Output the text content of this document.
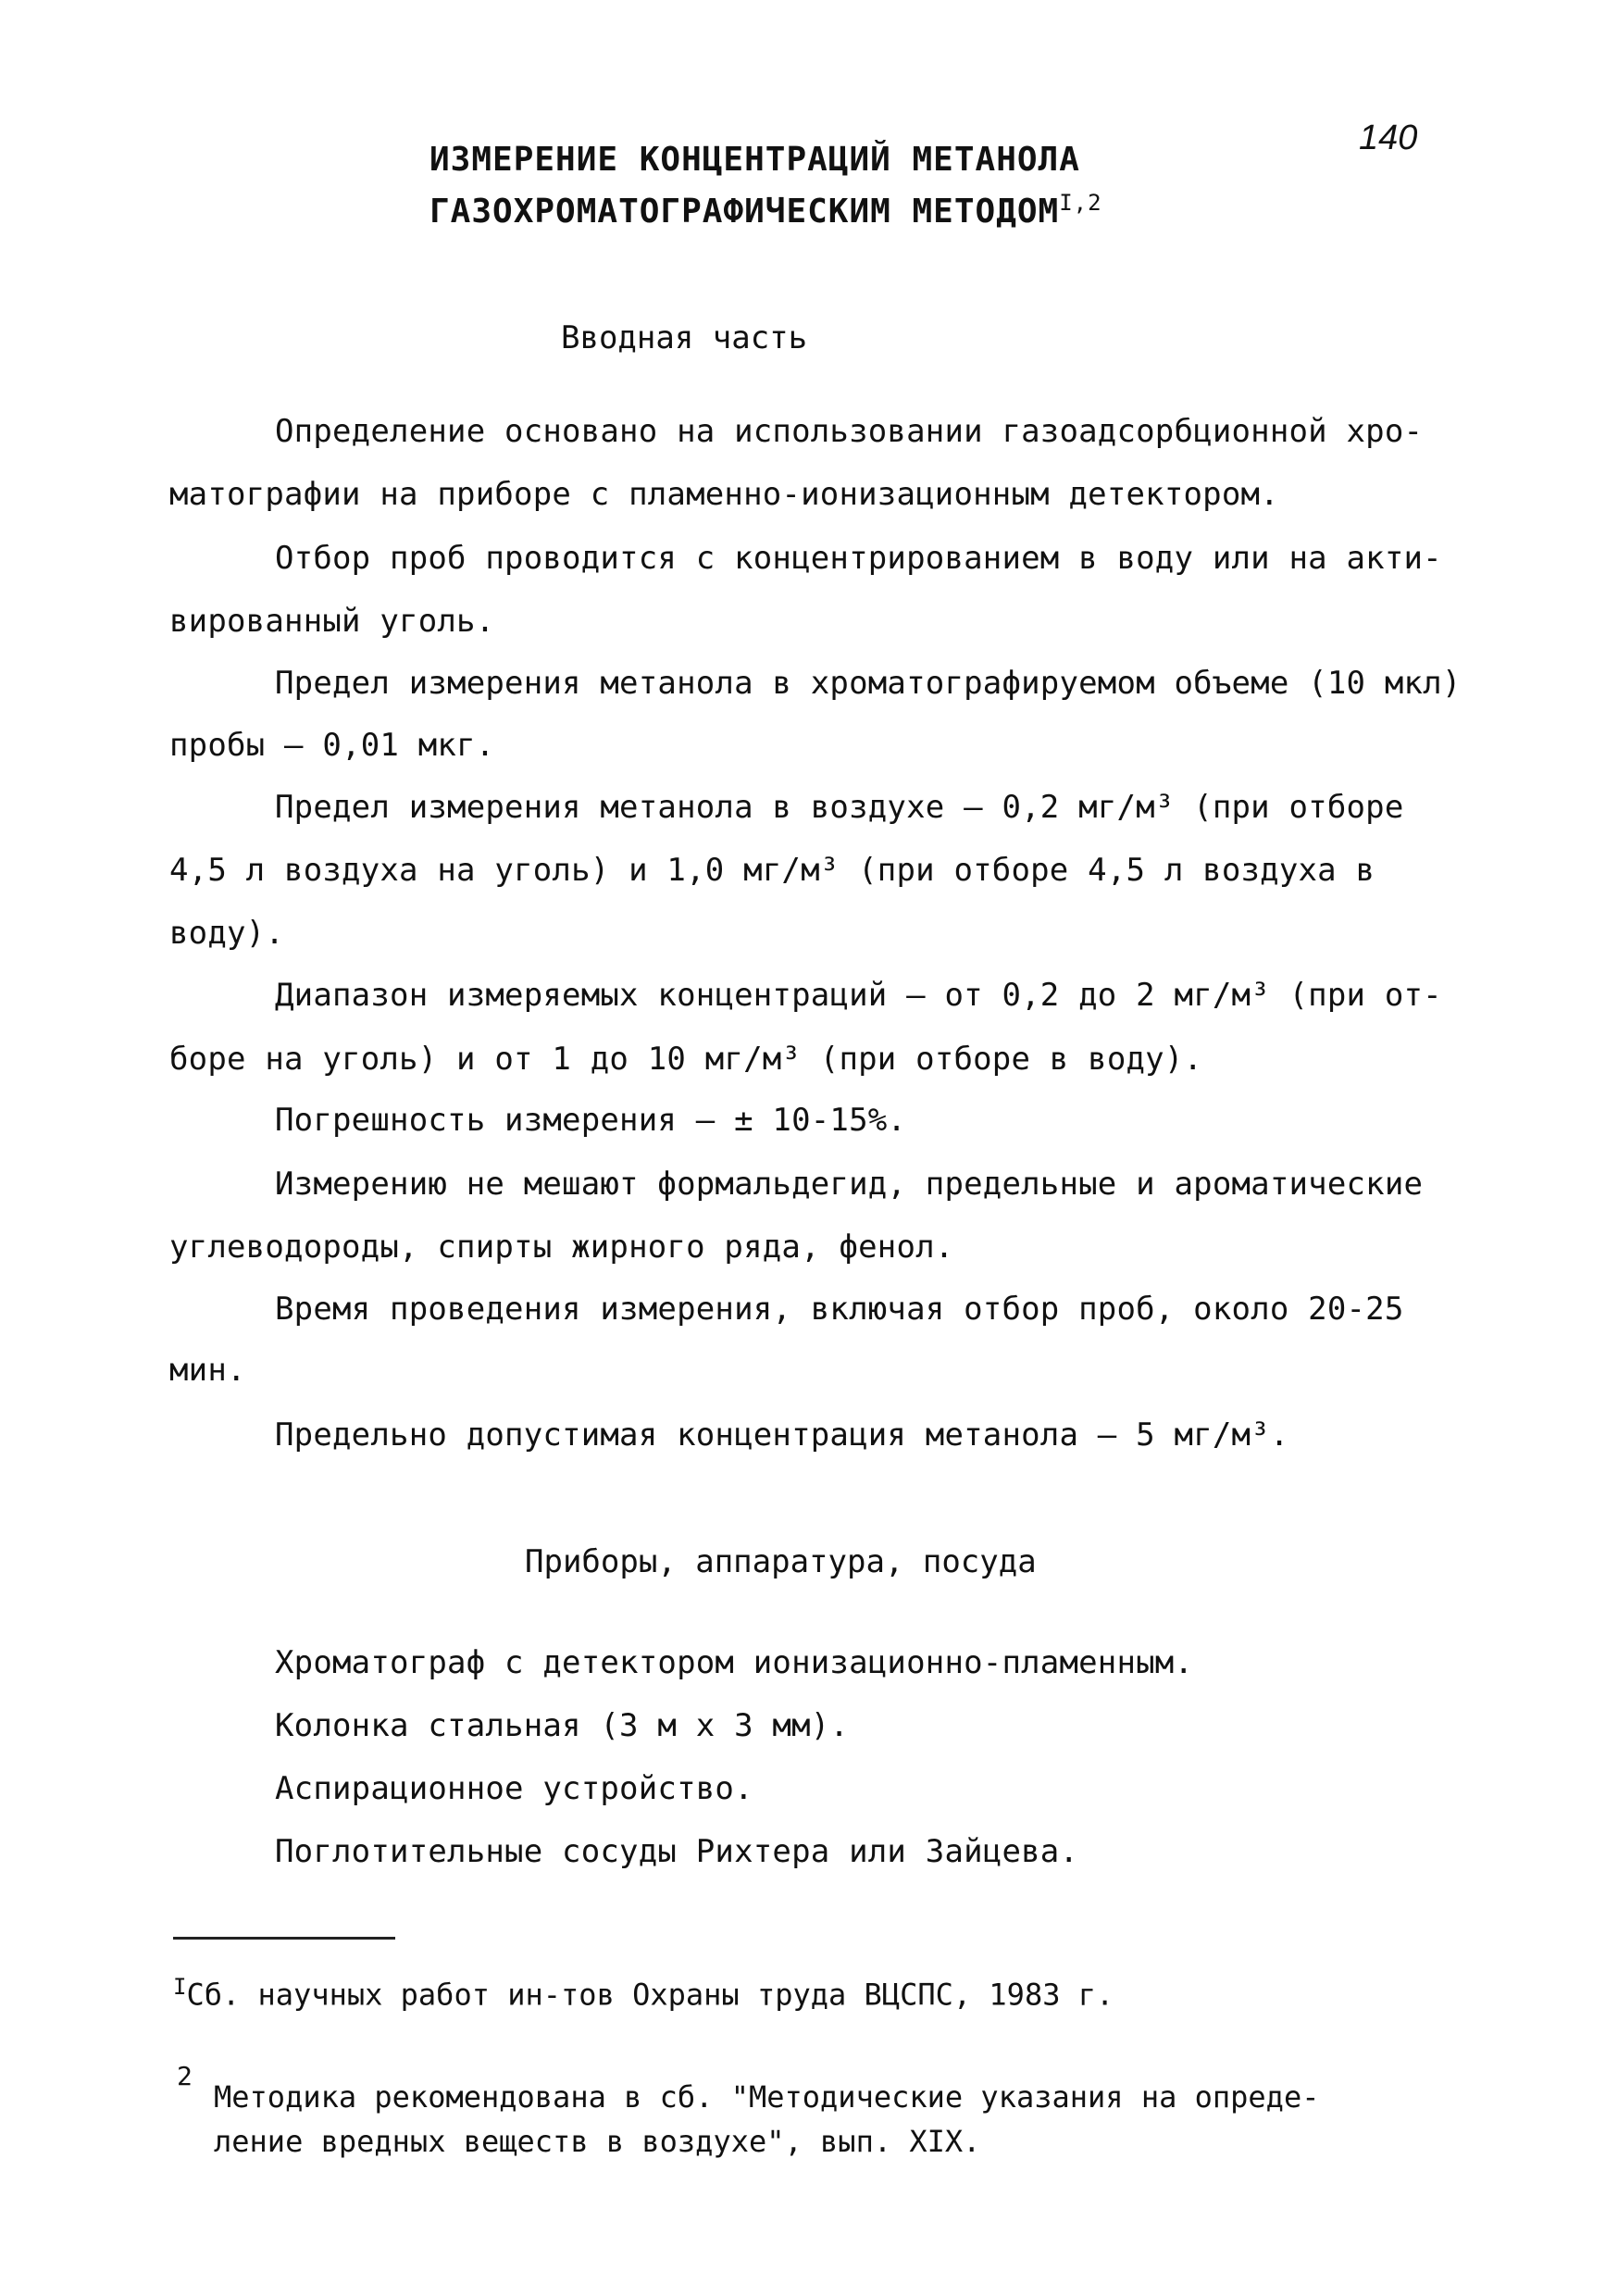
140
ИЗМЕРЕНИЕ КОНЦЕНТРАЦИЙ МЕТАНОЛА
ГАЗОХРОМАТОГРАФИЧЕСКИМ $МЕТОДОМ^{I,2}$
Вводная часть
Определение основано на использовании газоадсорбционной хро-
матографии на приборе с пламенно-ионизационным детектором.
Отбор проб проводится с концентрированием в воду или на акти-
вированный уголь.
Предел измерения метанола в хроматографируемом объеме (10 мкл)
пробы – 0,01 мкг.
Предел измерения метанола в воздухе – 0,2 мг/м³ (при отборе
4,5 л воздуха на уголь) и 1,0 мг/м³ (при отборе 4,5 л воздуха в
воду).
Диапазон измеряемых концентраций – от 0,2 до 2 мг/м³ (при от-
боре на уголь) и от 1 до 10 мг/м³ (при отборе в воду).
Погрешность измерения – ± 10-15%.
Измерению не мешают формальдегид, предельные и ароматические
углеводороды, спирты жирного ряда, фенол.
Время проведения измерения, включая отбор проб, около 20-25
мин.
Предельно допустимая концентрация метанола – 5 мг/м³.
Приборы, аппаратура, посуда
Хроматограф с детектором ионизационно-пламенным.
Колонка стальная (3 м х 3 мм).
Аспирационное устройство.
Поглотительные сосуды Рихтера или Зайцева.
$^I$Сб. научных работ ин-тов Охраны труда ВЦСПС, 1983 г.
2
Методика рекомендована в сб. "Методические указания на опреде-
ление вредных веществ в воздухе", вып. XIX.
